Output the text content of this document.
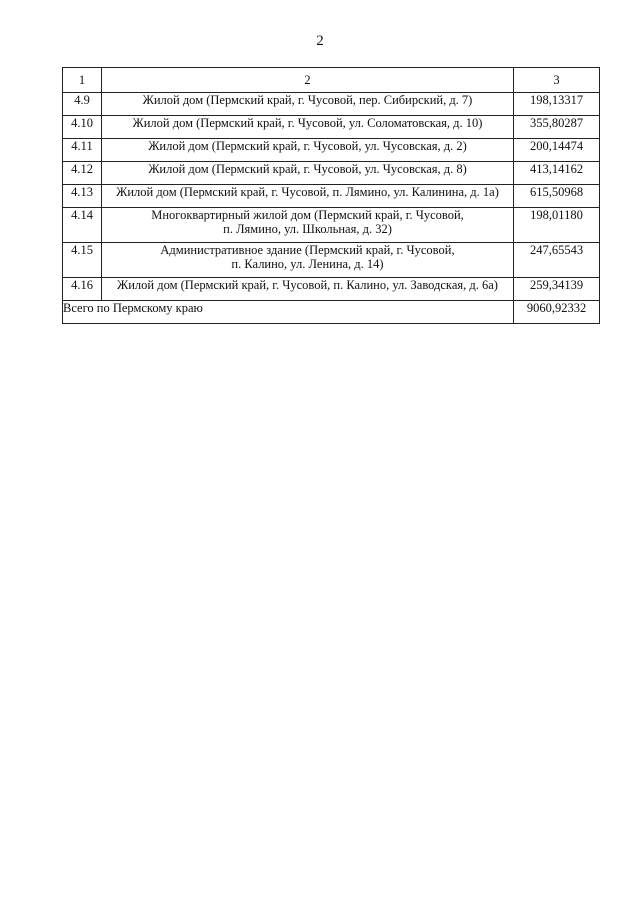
2
1	2	3
4.9	Жилой дом (Пермский край, г. Чусовой, пер. Сибирский, д. 7)	198,13317
4.10	Жилой дом (Пермский край, г. Чусовой, ул. Соломатовская, д. 10)	355,80287
4.11	Жилой дом (Пермский край, г. Чусовой, ул. Чусовская, д. 2)	200,14474
4.12	Жилой дом (Пермский край, г. Чусовой, ул. Чусовская, д. 8)	413,14162
4.13	Жилой дом (Пермский край, г. Чусовой, п. Лямино, ул. Калинина, д. 1а)	615,50968
4.14	Многоквартирный жилой дом (Пермский край, г. Чусовой,
п. Лямино, ул. Школьная, д. 32)	198,01180
4.15	Административное здание (Пермский край, г. Чусовой,
п. Калино, ул. Ленина, д. 14)	247,65543
4.16	Жилой дом (Пермский край, г. Чусовой, п. Калино, ул. Заводская, д. 6а)	259,34139
Всего по Пермскому краю		9060,92332
